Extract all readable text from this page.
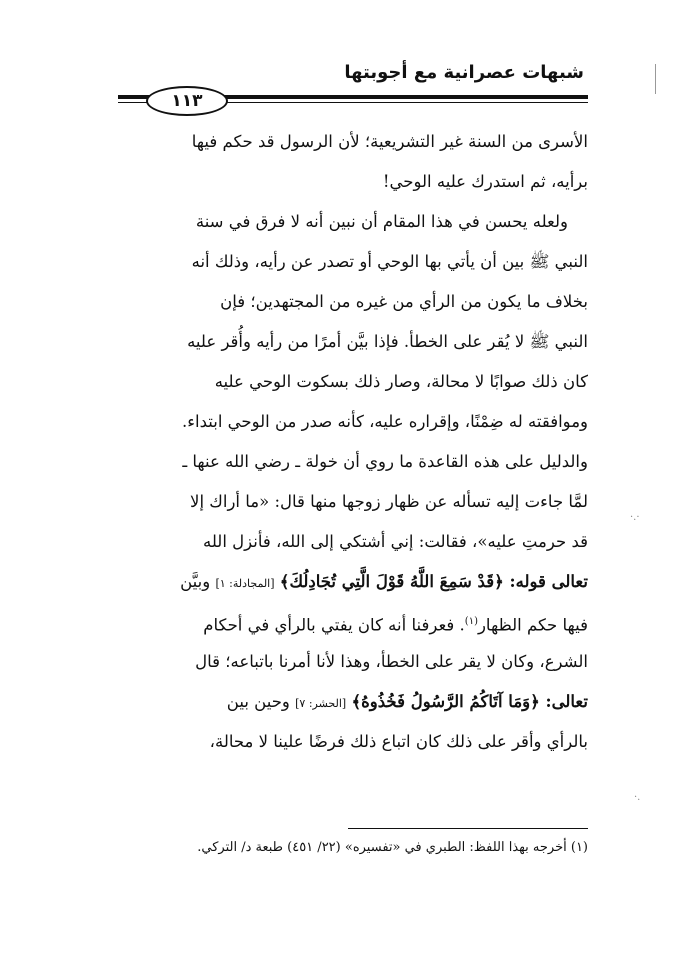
شبهات عصرانية مع أجوبتها
١١٣
الأسرى من السنة غير التشريعية؛ لأن الرسول قد حكم فيها
برأيه، ثم استدرك عليه الوحي!
ولعله يحسن في هذا المقام أن نبين أنه لا فرق في سنة
النبي ﷺ بين أن يأتي بها الوحي أو تصدر عن رأيه، وذلك أنه
بخلاف ما يكون من الرأي من غيره من المجتهدين؛ فإن
النبي ﷺ لا يُقر على الخطأ. فإذا بيَّن أمرًا من رأيه وأُقر عليه
كان ذلك صوابًا لا محالة، وصار ذلك بسكوت الوحي عليه
وموافقته له ضِمْنًا، وإقراره عليه، كأنه صدر من الوحي ابتداء.
والدليل على هذه القاعدة ما روي أن خولة ـ رضي الله عنها ـ
لمَّا جاءت إليه تسأله عن ظهار زوجها منها قال: «ما أراك إلا
قد حرمتِ عليه»، فقالت: إني أشتكي إلى الله، فأنزل الله
تعالى قوله: ﴿قَدْ سَمِعَ اللَّهُ قَوْلَ الَّتِي تُجَادِلُكَ﴾ [المجادلة: ١] وبيَّن
فيها حكم الظهار$^{(١)}$. فعرفنا أنه كان يفتي بالرأي في أحكام
الشرع، وكان لا يقر على الخطأ، وهذا لأنا أمرنا باتباعه؛ قال
تعالى: ﴿وَمَا آتَاكُمُ الرَّسُولُ فَخُذُوهُ﴾ [الحشر: ٧] وحين بين
بالرأي وأقر على ذلك كان اتباع ذلك فرضًا علينا لا محالة،
·.·
·.
(١) أخرجه بهذا اللفظ: الطبري في «تفسيره» (٢٢/ ٤٥١) طبعة د/ التركي.
